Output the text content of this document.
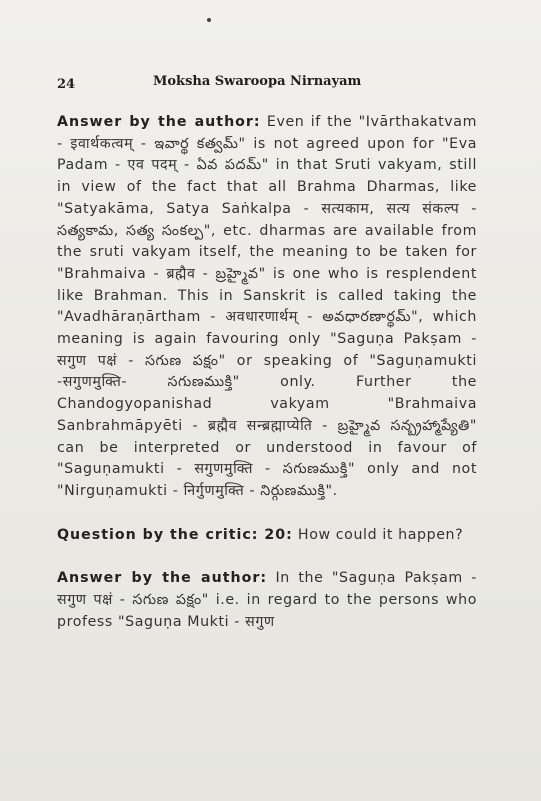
24	Moksha Swaroopa Nirnayam

Answer by the author: Even if the "Ivārthakatvam - इवार्थकत्वम् - ఇవార్థ కత్వమ్" is not agreed upon for "Eva Padam - एव पदम् - ఏవ పదమ్" in that Sruti vakyam, still in view of the fact that all Brahma Dharmas, like "Satyakāma, Satya Saṅkalpa - सत्यकाम, सत्य संकल्प - సత్యకామ, సత్య సంకల్ప", etc. dharmas are available from the sruti vakyam itself, the meaning to be taken for "Brahmaiva - ब्रह्मैव - బ్రహ్మైవ" is one who is resplendent like Brahman. This in Sanskrit is called taking the "Avadhāraṇārtham - अवधारणार्थम् - అవధారణార్థమ్", which meaning is again favouring only "Saguṇa Pakṣam - सगुण पक्षं - సగుణ పక్షం" or speaking of "Saguṇamukti -सगुणमुक्ति- సగుణముక్తి" only. Further the Chandogyopanishad vakyam "Brahmaiva Sanbrahmāpyēti - ब्रह्मैव सन्ब्रह्माप्येति - బ్రహ్మైవ సన్బ్రహ్మాప్యేతి" can be interpreted or understood in favour of "Saguṇamukti - सगुणमुक्ति - సగుణముక్తి" only and not "Nirguṇamukti - निर्गुणमुक्ति - నిర్గుణముక్తి".

Question by the critic: 20: How could it happen?

Answer by the author: In the "Saguṇa Pakṣam - सगुण पक्षं - సగుణ పక్షం" i.e. in regard to the persons who profess "Saguṇa Mukti - सगुण
